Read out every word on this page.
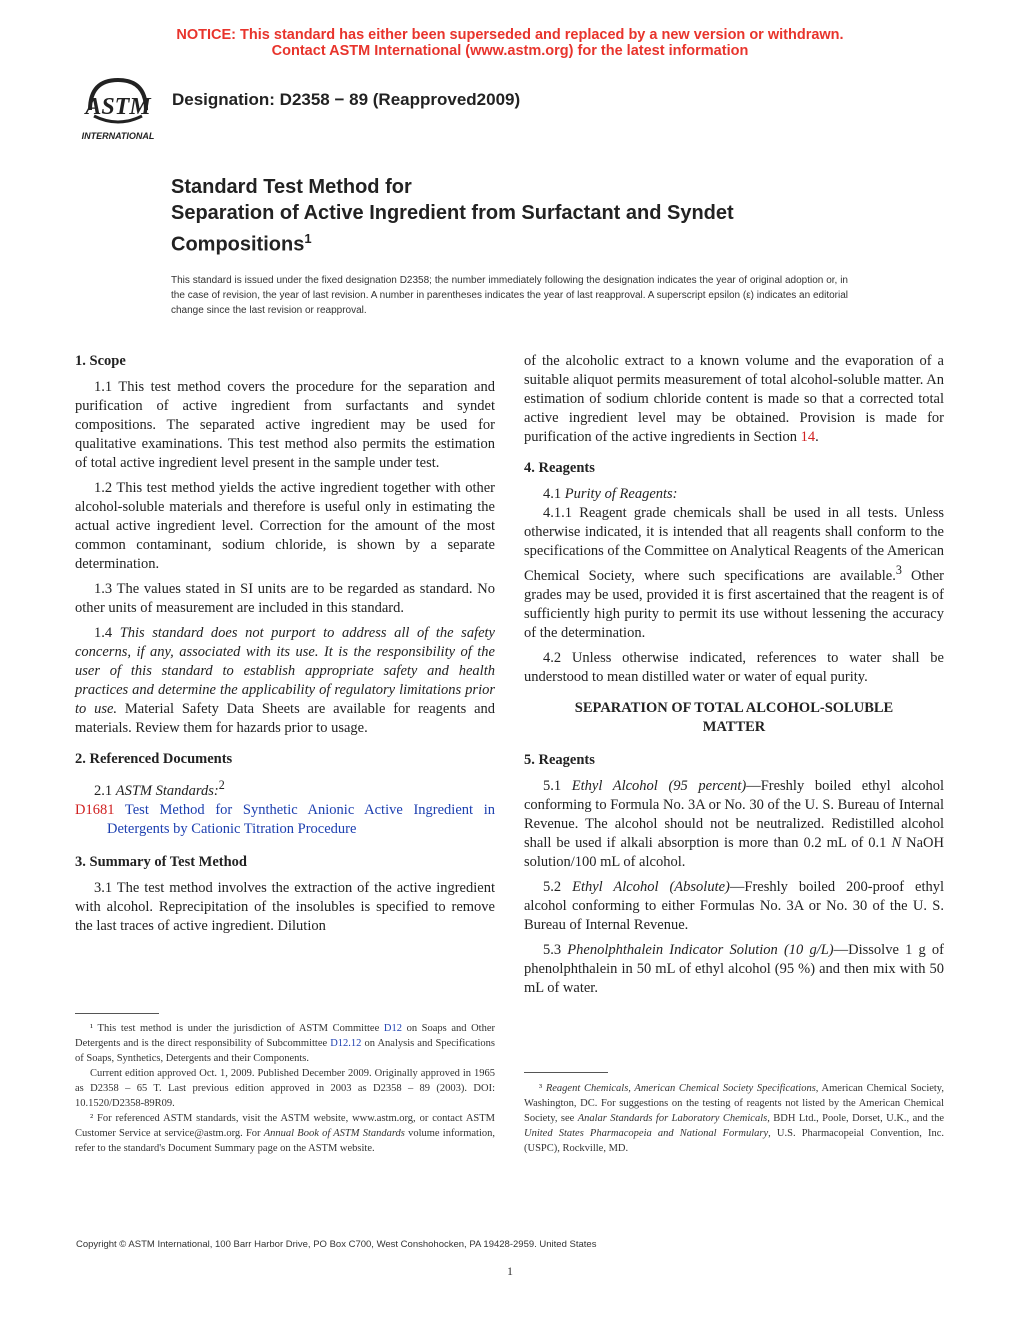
NOTICE: This standard has either been superseded and replaced by a new version or withdrawn.
Contact ASTM International (www.astm.org) for the latest information
ASTM
INTERNATIONAL
Designation: D2358 − 89 (Reapproved2009)
Standard Test Method for
Separation of Active Ingredient from Surfactant and Syndet
Compositions$^1$
This standard is issued under the fixed designation D2358; the number immediately following the designation indicates the year of original adoption or, in the case of revision, the year of last revision. A number in parentheses indicates the year of last reapproval. A superscript epsilon (ε) indicates an editorial change since the last revision or reapproval.
1. Scope

1.1 This test method covers the procedure for the separation and purification of active ingredient from surfactants and syndet compositions. The separated active ingredient may be used for qualitative examinations. This test method also permits the estimation of total active ingredient level present in the sample under test.

1.2 This test method yields the active ingredient together with other alcohol-soluble materials and therefore is useful only in estimating the actual active ingredient level. Correction for the amount of the most common contaminant, sodium chloride, is shown by a separate determination.

1.3 The values stated in SI units are to be regarded as standard. No other units of measurement are included in this standard.

1.4 This standard does not purport to address all of the safety concerns, if any, associated with its use. It is the responsibility of the user of this standard to establish appropriate safety and health practices and determine the applicability of regulatory limitations prior to use. Material Safety Data Sheets are available for reagents and materials. Review them for hazards prior to usage.

2. Referenced Documents

2.1 ASTM Standards:$^2$

D1681 Test Method for Synthetic Anionic Active Ingredient in Detergents by Cationic Titration Procedure

3. Summary of Test Method

3.1 The test method involves the extraction of the active ingredient with alcohol. Reprecipitation of the insolubles is specified to remove the last traces of active ingredient. Dilution

of the alcoholic extract to a known volume and the evaporation of a suitable aliquot permits measurement of total alcohol-soluble matter. An estimation of sodium chloride content is made so that a corrected total active ingredient level may be obtained. Provision is made for purification of the active ingredients in Section 14.

4. Reagents

4.1 Purity of Reagents:

4.1.1 Reagent grade chemicals shall be used in all tests. Unless otherwise indicated, it is intended that all reagents shall conform to the specifications of the Committee on Analytical Reagents of the American Chemical Society, where such specifications are available.$^3$ Other grades may be used, provided it is first ascertained that the reagent is of sufficiently high purity to permit its use without lessening the accuracy of the determination.

4.2 Unless otherwise indicated, references to water shall be understood to mean distilled water or water of equal purity.

SEPARATION OF TOTAL ALCOHOL-SOLUBLE
MATTER
5. Reagents

5.1 Ethyl Alcohol (95 percent)—Freshly boiled ethyl alcohol conforming to Formula No. 3A or No. 30 of the U. S. Bureau of Internal Revenue. The alcohol should not be neutralized. Redistilled alcohol shall be used if alkali absorption is more than 0.2 mL of 0.1 N NaOH solution/100 mL of alcohol.

5.2 Ethyl Alcohol (Absolute)—Freshly boiled 200-proof ethyl alcohol conforming to either Formulas No. 3A or No. 30 of the U. S. Bureau of Internal Revenue.

5.3 Phenolphthalein Indicator Solution (10 g/L)—Dissolve 1 g of phenolphthalein in 50 mL of ethyl alcohol (95 %) and then mix with 50 mL of water.

¹ This test method is under the jurisdiction of ASTM Committee D12 on Soaps and Other Detergents and is the direct responsibility of Subcommittee D12.12 on Analysis and Specifications of Soaps, Synthetics, Detergents and their Components.

Current edition approved Oct. 1, 2009. Published December 2009. Originally approved in 1965 as D2358 – 65 T. Last previous edition approved in 2003 as D2358 – 89 (2003). DOI: 10.1520/D2358-89R09.

² For referenced ASTM standards, visit the ASTM website, www.astm.org, or contact ASTM Customer Service at service@astm.org. For Annual Book of ASTM Standards volume information, refer to the standard's Document Summary page on the ASTM website.

³ Reagent Chemicals, American Chemical Society Specifications, American Chemical Society, Washington, DC. For suggestions on the testing of reagents not listed by the American Chemical Society, see Analar Standards for Laboratory Chemicals, BDH Ltd., Poole, Dorset, U.K., and the United States Pharmacopeia and National Formulary, U.S. Pharmacopeial Convention, Inc. (USPC), Rockville, MD.

Copyright © ASTM International, 100 Barr Harbor Drive, PO Box C700, West Conshohocken, PA 19428-2959. United States
1
